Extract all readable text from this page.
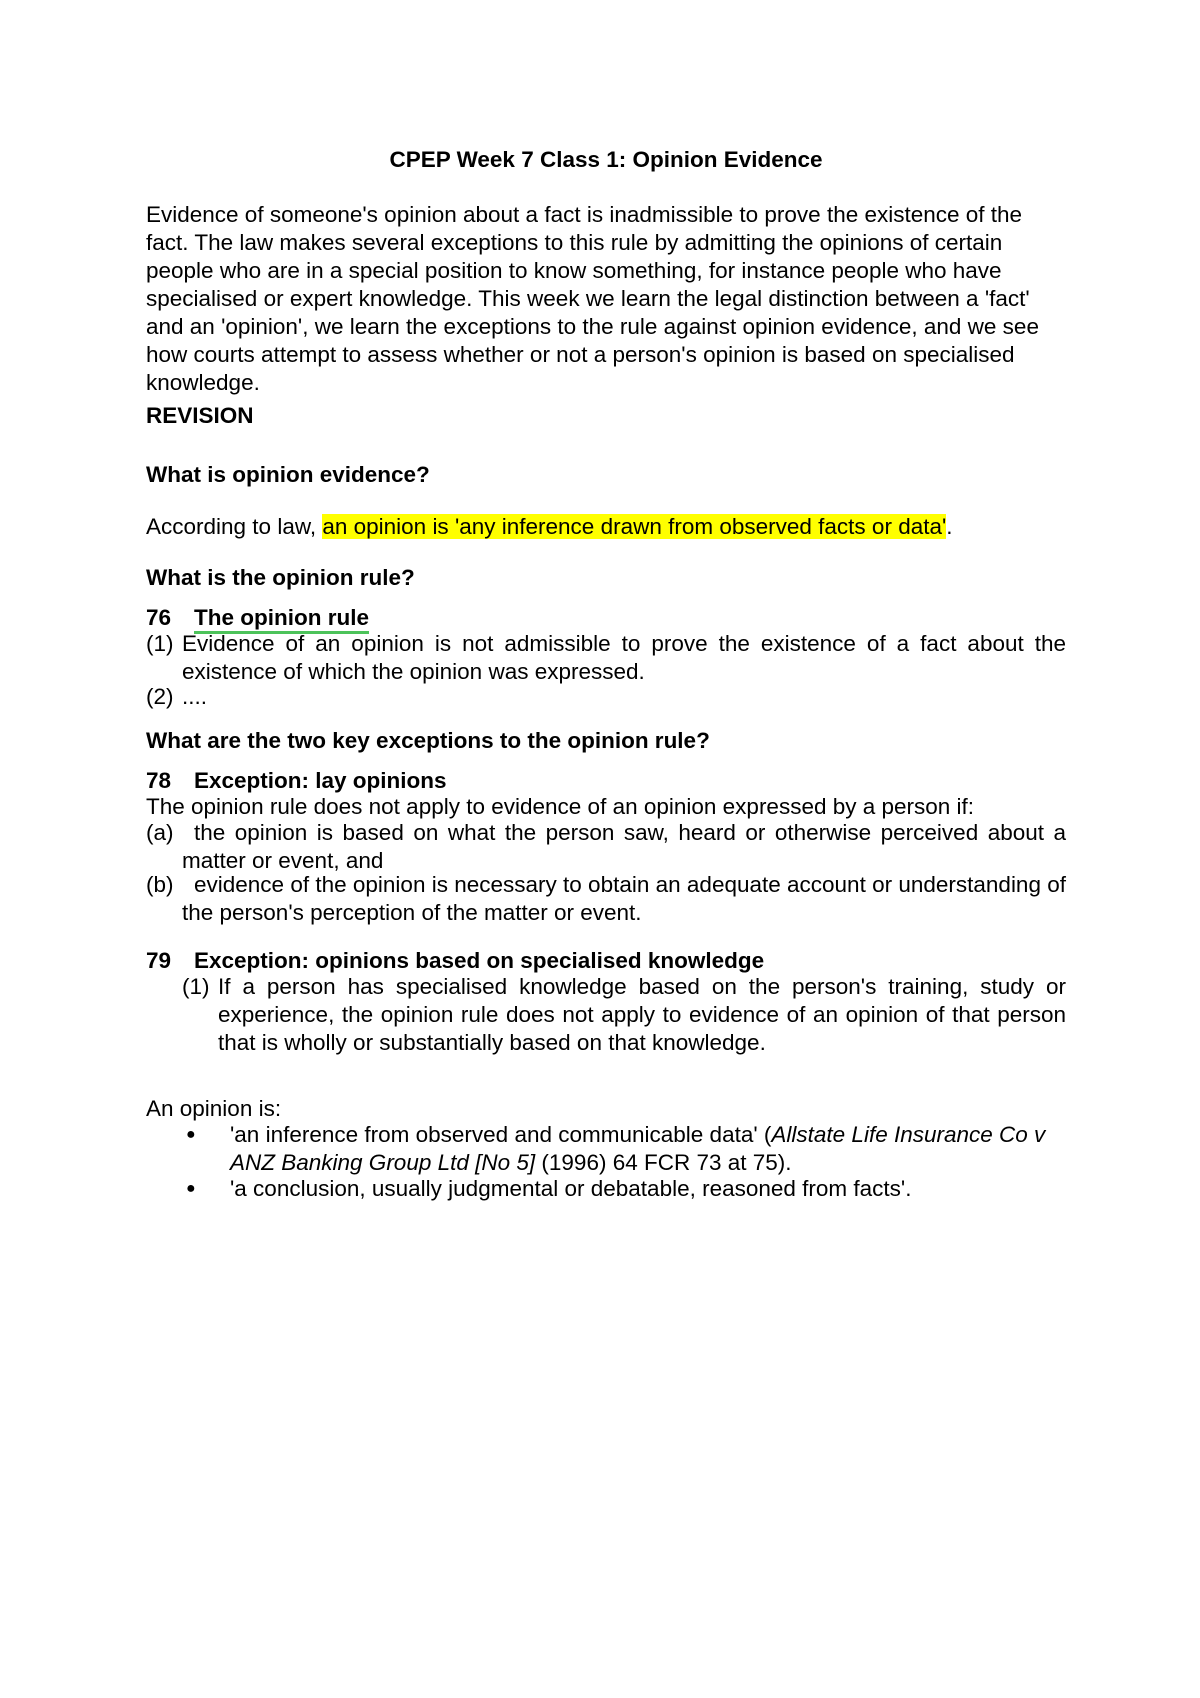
CPEP Week 7 Class 1: Opinion Evidence

Evidence of someone's opinion about a fact is inadmissible to prove the existence of the fact. The law makes several exceptions to this rule by admitting the opinions of certain people who are in a special position to know something, for instance people who have specialised or expert knowledge. This week we learn the legal distinction between a 'fact' and an 'opinion', we learn the exceptions to the rule against opinion evidence, and we see how courts attempt to assess whether or not a person's opinion is based on specialised knowledge.

REVISION
What is opinion evidence?
According to law, an opinion is 'any inference drawn from observed facts or data'.
What is the opinion rule?
76 The opinion rule
(1) Evidence of an opinion is not admissible to prove the existence of a fact about the existence of which the opinion was expressed.
(2) ....
What are the two key exceptions to the opinion rule?
78 Exception: lay opinions
The opinion rule does not apply to evidence of an opinion expressed by a person if:
(a) the opinion is based on what the person saw, heard or otherwise perceived about a matter or event, and
(b) evidence of the opinion is necessary to obtain an adequate account or understanding of the person's perception of the matter or event.
79 Exception: opinions based on specialised knowledge
(1) If a person has specialised knowledge based on the person's training, study or experience, the opinion rule does not apply to evidence of an opinion of that person that is wholly or substantially based on that knowledge.
An opinion is:
●	'an inference from observed and communicable data' (Allstate Life Insurance Co v ANZ Banking Group Ltd [No 5] (1996) 64 FCR 73 at 75).
●	'a conclusion, usually judgmental or debatable, reasoned from facts'.
